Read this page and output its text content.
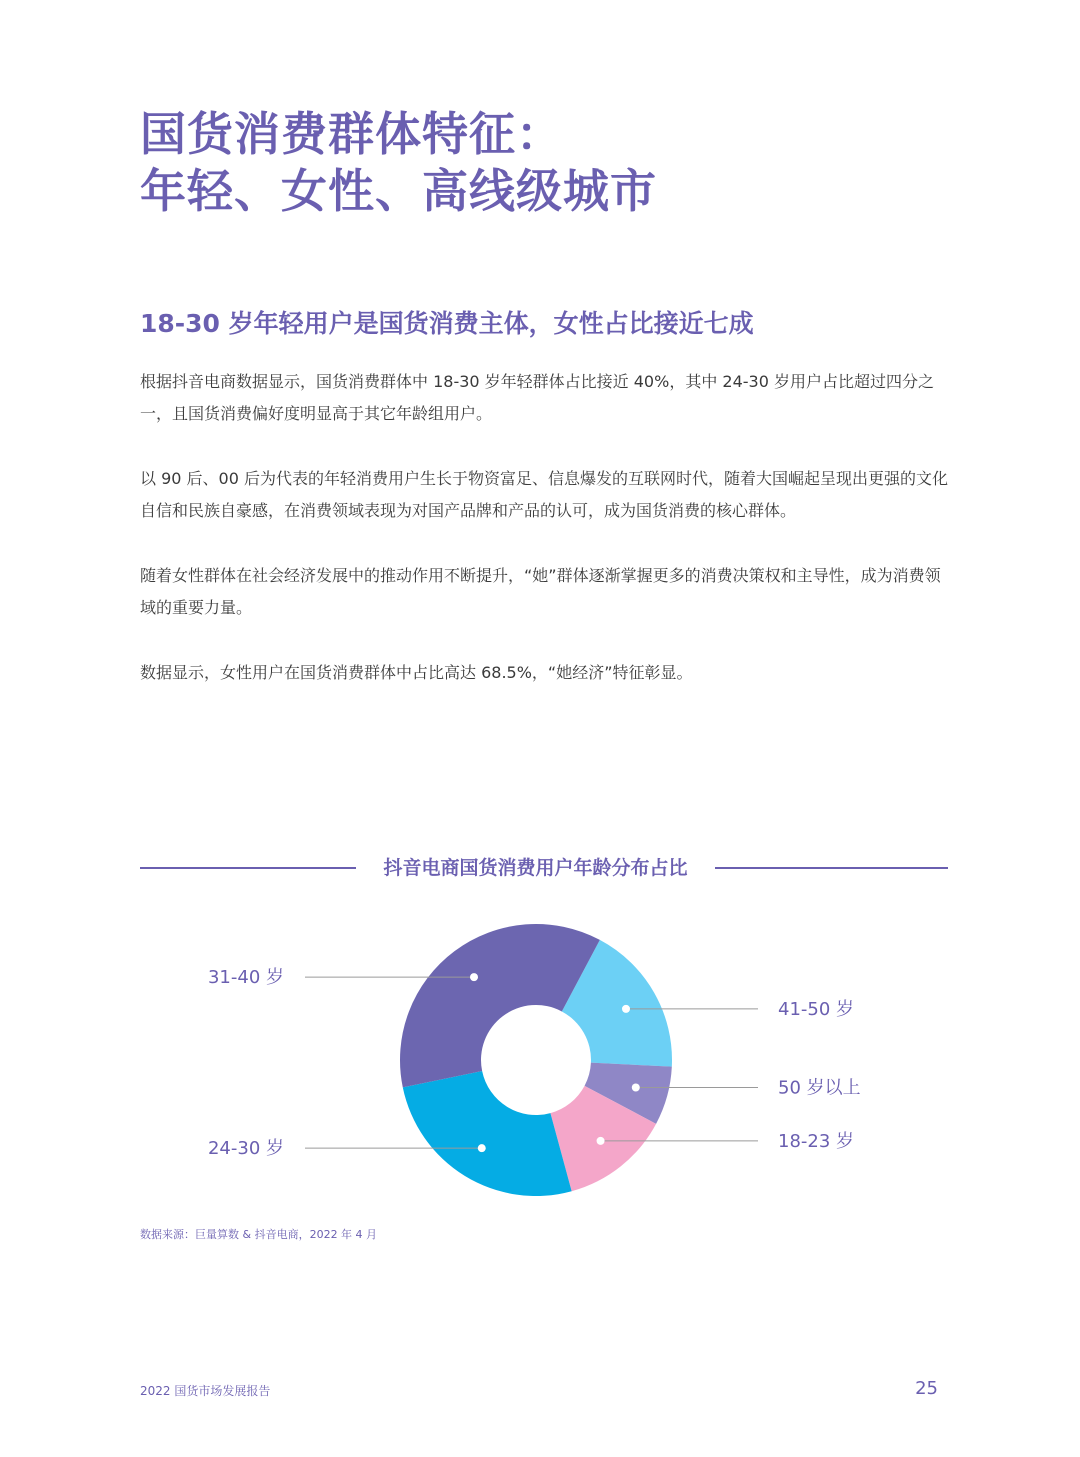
国货消费群体特征：
年轻、女性、高线级城市
18-30 岁年轻用户是国货消费主体，女性占比接近七成
根据抖音电商数据显示，国货消费群体中 18-30 岁年轻群体占比接近 40%，其中 24-30 岁用户占比超过四分之一，且国货消费偏好度明显高于其它年龄组用户。
以 90 后、00 后为代表的年轻消费用户生长于物资富足、信息爆发的互联网时代，随着大国崛起呈现出更强的文化自信和民族自豪感，在消费领域表现为对国产品牌和产品的认可，成为国货消费的核心群体。
随着女性群体在社会经济发展中的推动作用不断提升，“她”群体逐渐掌握更多的消费决策权和主导性，成为消费领域的重要力量。
数据显示，女性用户在国货消费群体中占比高达 68.5%，“她经济”特征彰显。
抖音电商国货消费用户年龄分布占比
41-50 岁
50 岁以上
18-23 岁
24-30 岁
31-40 岁
数据来源：巨量算数 & 抖音电商，2022 年 4 月
2022 国货市场发展报告	25
